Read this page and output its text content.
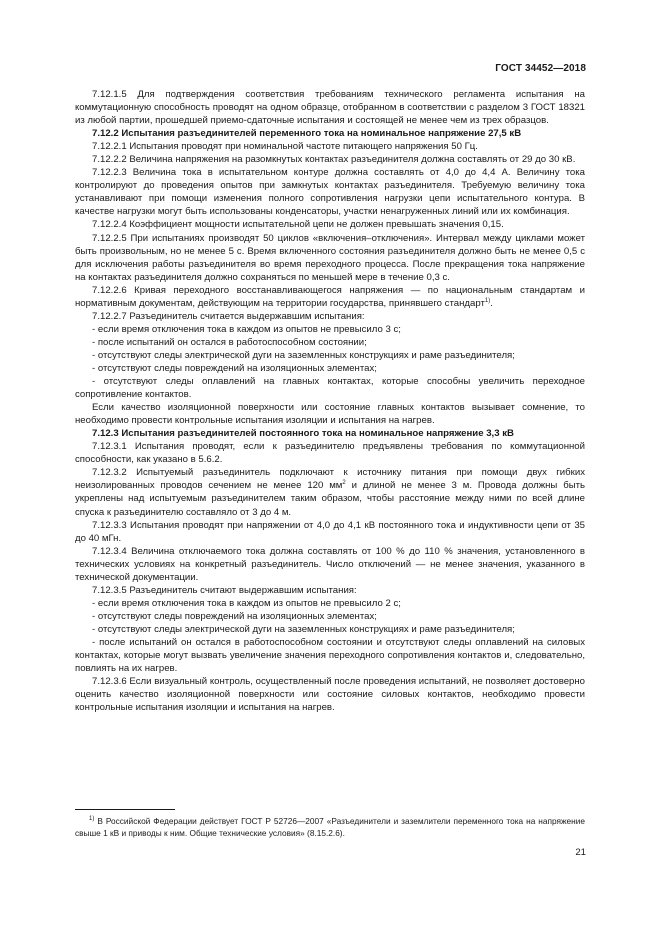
ГОСТ 34452—2018

7.12.1.5 Для подтверждения соответствия требованиям технического регламента испытания на коммутационную способность проводят на одном образце, отобранном в соответствии с разделом 3 ГОСТ 18321 из любой партии, прошедшей приемо-сдаточные испытания и состоящей не менее чем из трех образцов.

7.12.2 Испытания разъединителей переменного тока на номинальное напряжение 27,5 кВ

7.12.2.1 Испытания проводят при номинальной частоте питающего напряжения 50 Гц.

7.12.2.2 Величина напряжения на разомкнутых контактах разъединителя должна составлять от 29 до 30 кВ.

7.12.2.3 Величина тока в испытательном контуре должна составлять от 4,0 до 4,4 А. Величину тока контролируют до проведения опытов при замкнутых контактах разъединителя. Требуемую величину тока устанавливают при помощи изменения полного сопротивления нагрузки цепи испытательного контура. В качестве нагрузки могут быть использованы конденсаторы, участки ненагруженных линий или их комбинация.

7.12.2.4 Коэффициент мощности испытательной цепи не должен превышать значения 0,15.

7.12.2.5 При испытаниях производят 50 циклов «включения–отключения». Интервал между циклами может быть произвольным, но не менее 5 с. Время включенного состояния разъединителя должно быть не менее 0,5 с для исключения работы разъединителя во время переходного процесса. После прекращения тока напряжение на контактах разъединителя должно сохраняться по меньшей мере в течение 0,3 с.

7.12.2.6 Кривая переходного восстанавливающегося напряжения — по национальным стандартам и нормативным документам, действующим на территории государства, принявшего стандарт$^{1)}$.

7.12.2.7 Разъединитель считается выдержавшим испытания:

- если время отключения тока в каждом из опытов не превысило 3 с;

- после испытаний он остался в работоспособном состоянии;

- отсутствуют следы электрической дуги на заземленных конструкциях и раме разъединителя;

- отсутствуют следы повреждений на изоляционных элементах;

- отсутствуют следы оплавлений на главных контактах, которые способны увеличить переходное сопротивление контактов.

Если качество изоляционной поверхности или состояние главных контактов вызывает сомнение, то необходимо провести контрольные испытания изоляции и испытания на нагрев.

7.12.3 Испытания разъединителей постоянного тока на номинальное напряжение 3,3 кВ

7.12.3.1 Испытания проводят, если к разъединителю предъявлены требования по коммутационной способности, как указано в 5.6.2.

7.12.3.2 Испытуемый разъединитель подключают к источнику питания при помощи двух гибких неизолированных проводов сечением не менее 120 $мм^2$ и длиной не менее 3 м. Провода должны быть укреплены над испытуемым разъединителем таким образом, чтобы расстояние между ними по всей длине спуска к разъединителю составляло от 3 до 4 м.

7.12.3.3 Испытания проводят при напряжении от 4,0 до 4,1 кВ постоянного тока и индуктивности цепи от 35 до 40 мГн.

7.12.3.4 Величина отключаемого тока должна составлять от 100 % до 110 % значения, установленного в технических условиях на конкретный разъединитель. Число отключений — не менее значения, указанного в технической документации.

7.12.3.5 Разъединитель считают выдержавшим испытания:

- если время отключения тока в каждом из опытов не превысило 2 с;

- отсутствуют следы повреждений на изоляционных элементах;

- отсутствуют следы электрической дуги на заземленных конструкциях и раме разъединителя;

- после испытаний он остался в работоспособном состоянии и отсутствуют следы оплавлений на силовых контактах, которые могут вызвать увеличение значения переходного сопротивления контактов и, следовательно, повлиять на их нагрев.

7.12.3.6 Если визуальный контроль, осуществленный после проведения испытаний, не позволяет достоверно оценить качество изоляционной поверхности или состояние силовых контактов, необходимо провести контрольные испытания изоляции и испытания на нагрев.

$^{1)}$ В Российской Федерации действует ГОСТ Р 52726—2007 «Разъединители и заземлители переменного тока на напряжение свыше 1 кВ и приводы к ним. Общие технические условия» (8.15.2.6).
21
